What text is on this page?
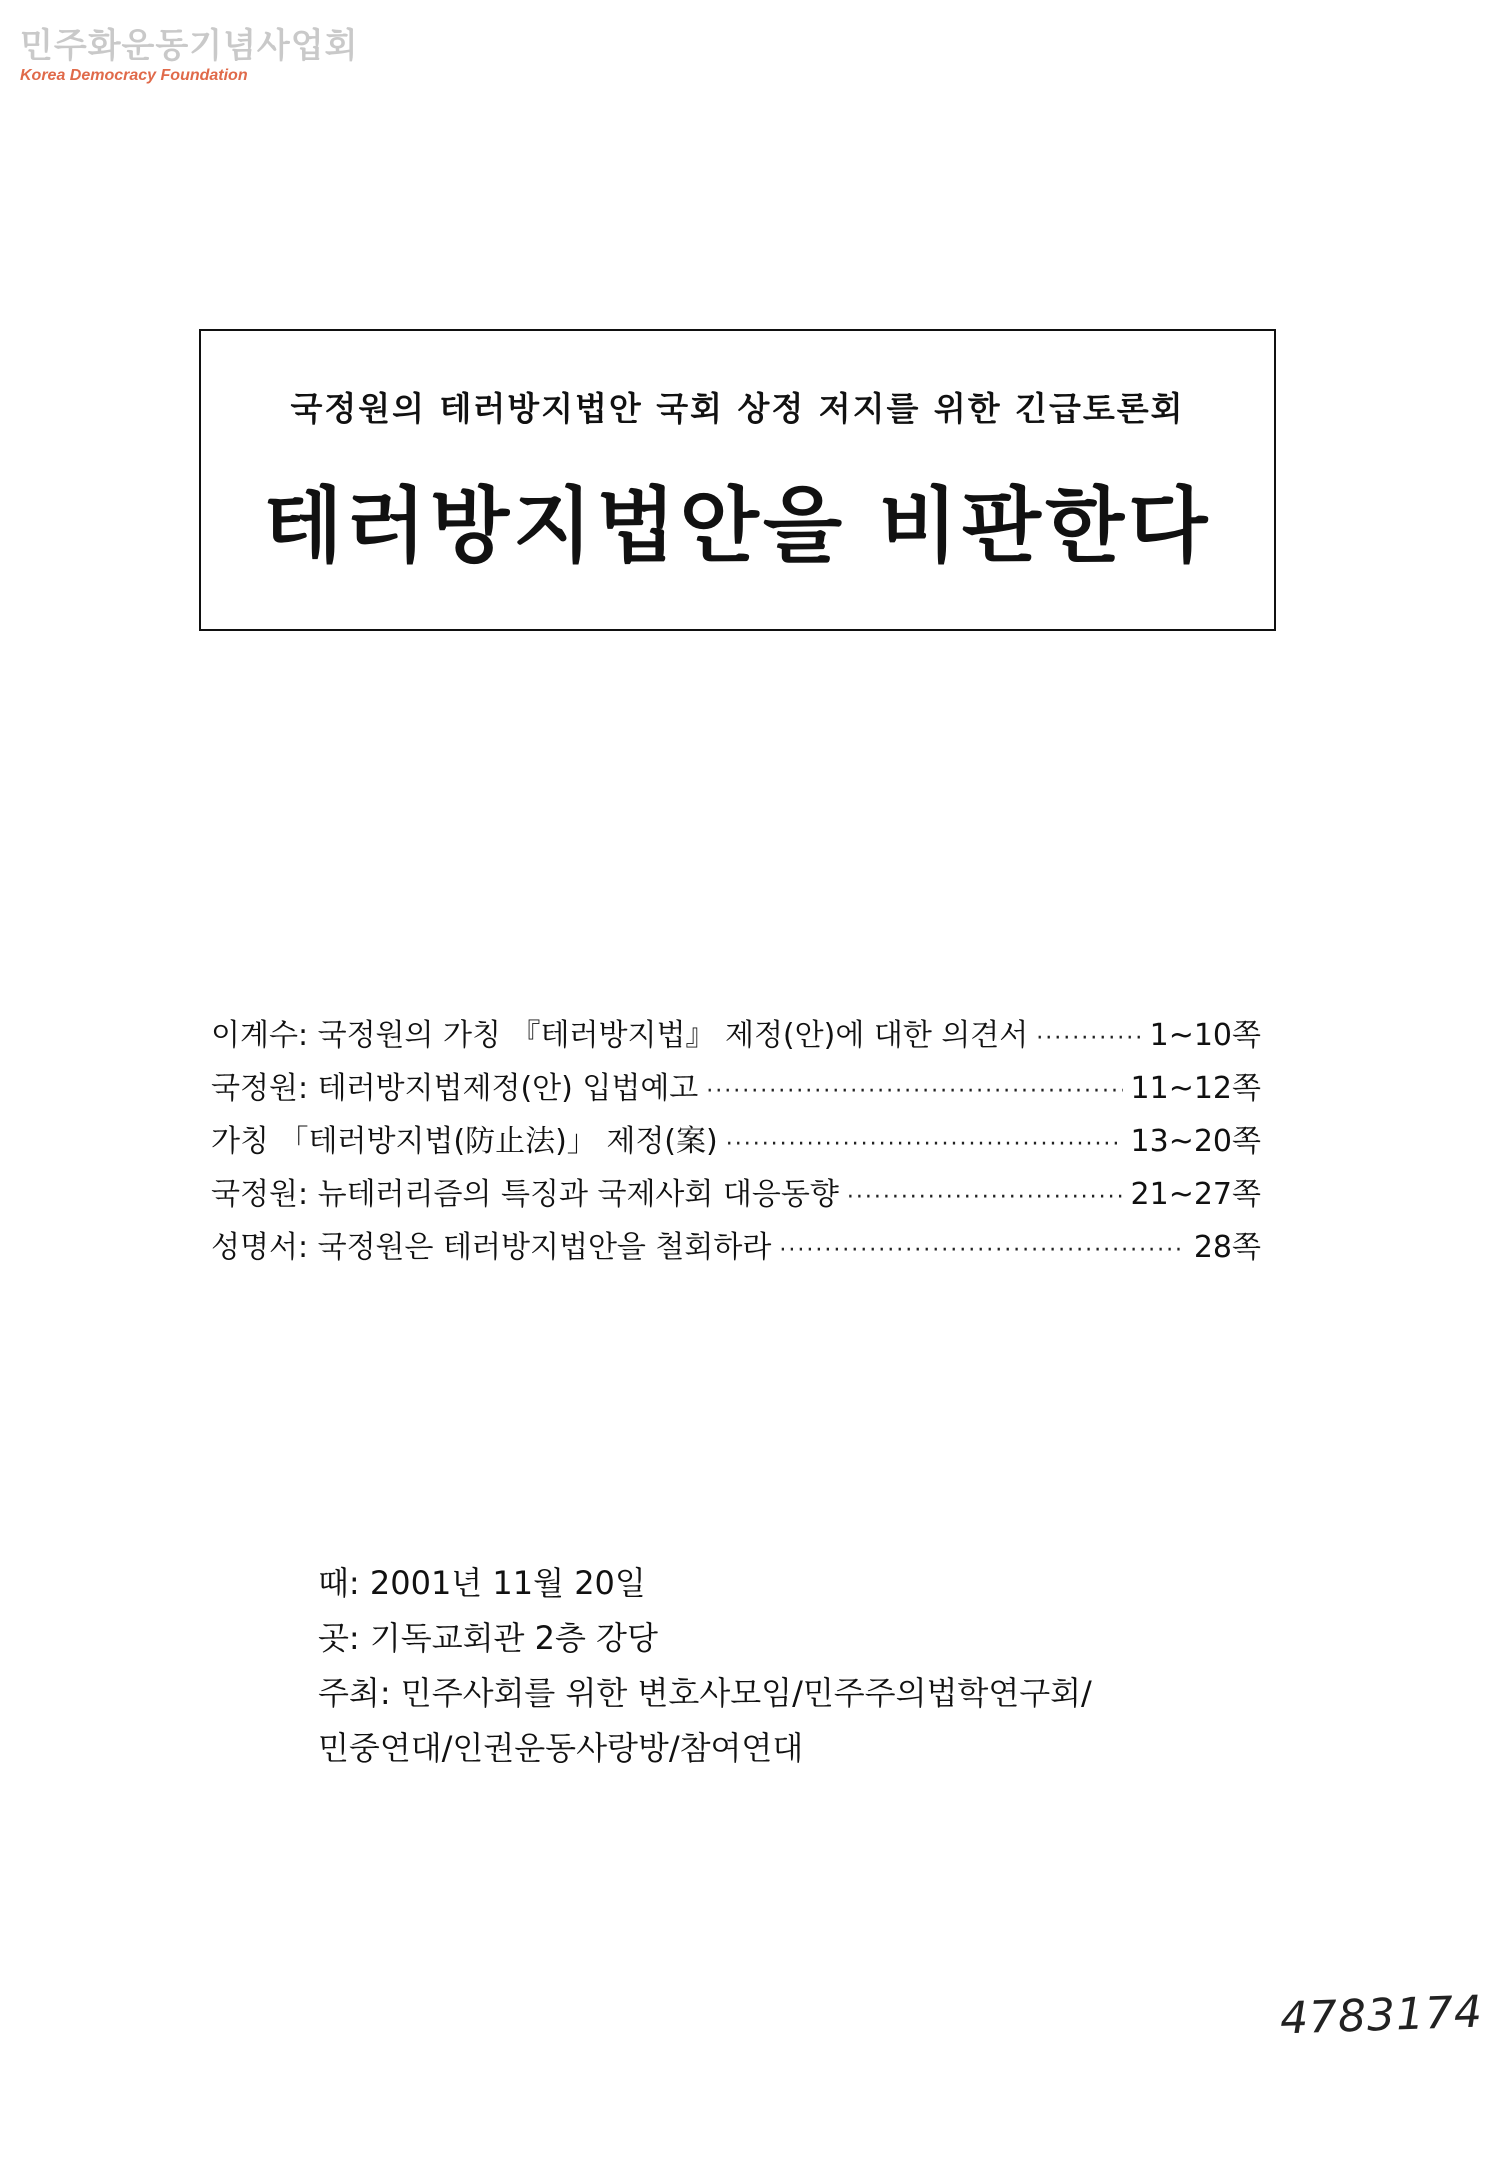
민주화운동기념사업회
Korea Democracy Foundation
국정원의 테러방지법안 국회 상정 저지를 위한 긴급토론회
테러방지법안을 비판한다
이계수: 국정원의 가칭 『테러방지법』 제정(안)에 대한 의견서 ·····	1~10쪽
국정원: 테러방지법제정(안) 입법예고 ·····	11~12쪽
가칭 「테러방지법(防止法)」 제정(案) ·····	13~20쪽
국정원: 뉴테러리즘의 특징과 국제사회 대응동향 ·····	21~27쪽
성명서: 국정원은 테러방지법안을 철회하라 ·····	28쪽
때: 2001년 11월 20일
곳: 기독교회관 2층 강당
주최: 민주사회를 위한 변호사모임/민주주의법학연구회/
민중연대/인권운동사랑방/참여연대
4783174
